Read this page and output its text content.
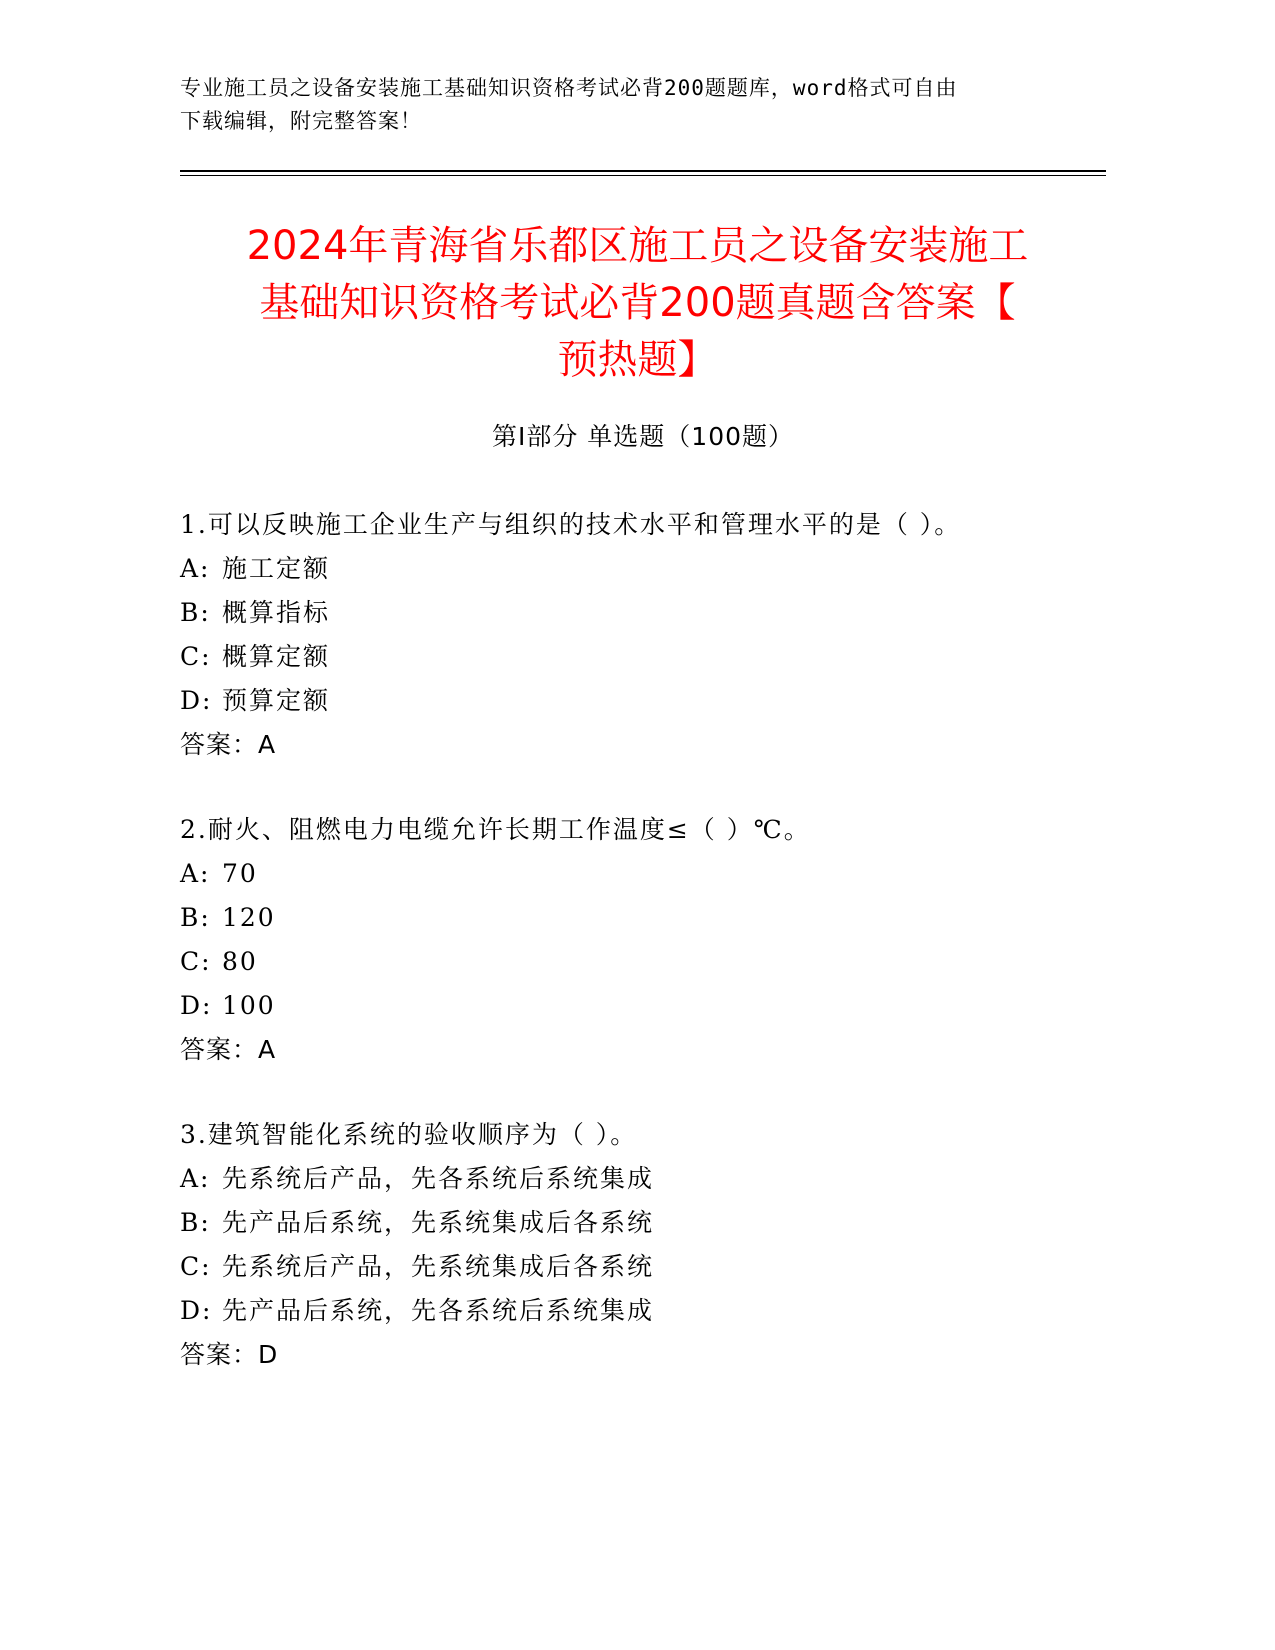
专业施工员之设备安装施工基础知识资格考试必背200题题库，word格式可自由
下载编辑，附完整答案！
2024年青海省乐都区施工员之设备安装施工
基础知识资格考试必背200题真题含答案【
预热题】
第Ⅰ部分 单选题（100题）
1.可以反映施工企业生产与组织的技术水平和管理水平的是（ ）。
A: 施工定额
B: 概算指标
C: 概算定额
D: 预算定额
答案：A
2.耐火、阻燃电力电缆允许长期工作温度≤（ ）℃。
A: 70
B: 120
C: 80
D: 100
答案：A
3.建筑智能化系统的验收顺序为（ ）。
A: 先系统后产品，先各系统后系统集成
B: 先产品后系统，先系统集成后各系统
C: 先系统后产品，先系统集成后各系统
D: 先产品后系统，先各系统后系统集成
答案：D
